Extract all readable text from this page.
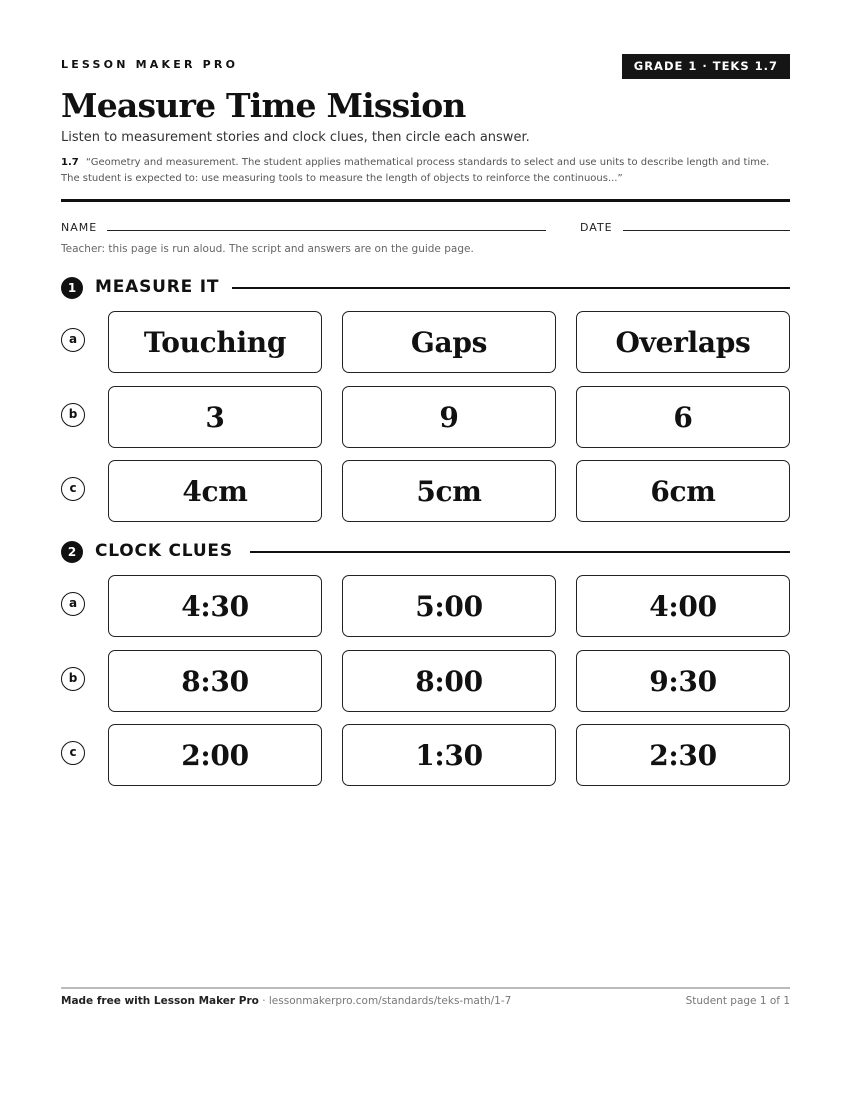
LESSON MAKER PRO	GRADE 1 · TEKS 1.7
Measure Time Mission
Listen to measurement stories and clock clues, then circle each answer.
1.7 “Geometry and measurement. The student applies mathematical process standards to select and use units to describe length and time. The student is expected to: use measuring tools to measure the length of objects to reinforce the continuous...”
NAME	DATE
Teacher: this page is run aloud. The script and answers are on the guide page.
1	MEASURE IT
a	Touching	Gaps	Overlaps
b	3	9	6
c	4cm	5cm	6cm
2	CLOCK CLUES
a	4:30	5:00	4:00
b	8:30	8:00	9:30
c	2:00	1:30	2:30
Made free with Lesson Maker Pro · lessonmakerpro.com/standards/teks-math/1-7	Student page 1 of 1
